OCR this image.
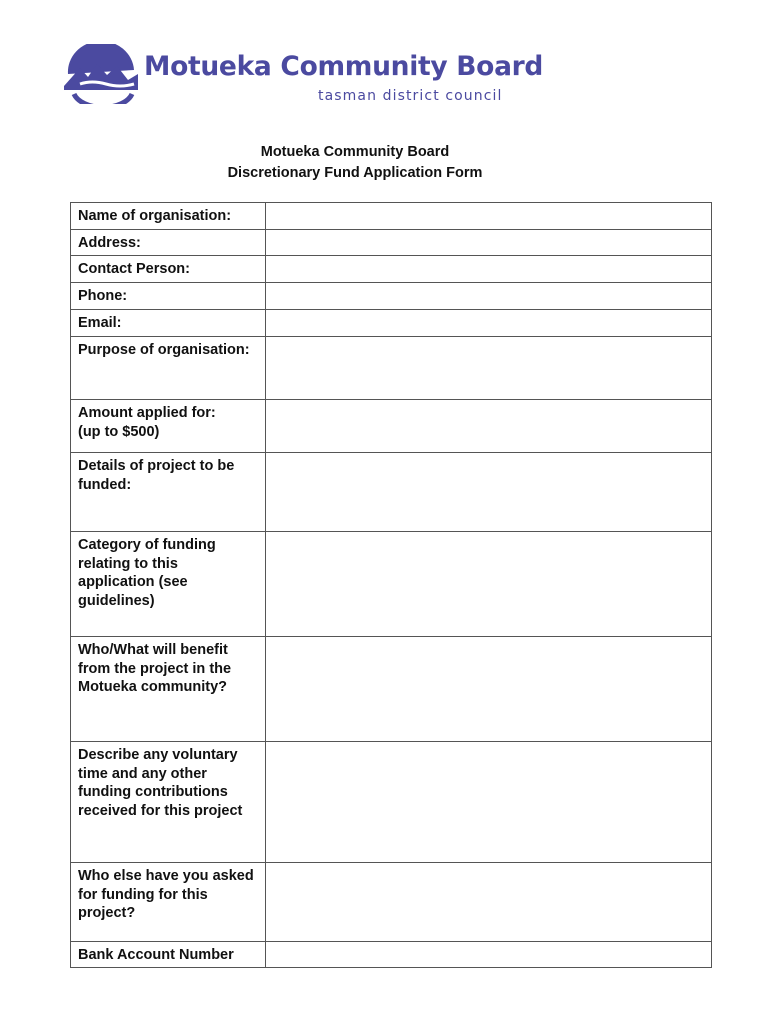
Motueka Community Board
tasman district council
Motueka Community Board
Discretionary Fund Application Form
Name of organisation:	

Address:	

Contact Person:	

Phone:	

Email:	

Purpose of organisation:	

Amount applied for:
(up to $500)	

Details of project to be
funded:	

Category of funding
relating to this
application (see
guidelines)	

Who/What will benefit
from the project in the
Motueka community?	

Describe any voluntary
time and any other
funding contributions
received for this project	

Who else have you asked
for funding for this
project?	

Bank Account Number	
